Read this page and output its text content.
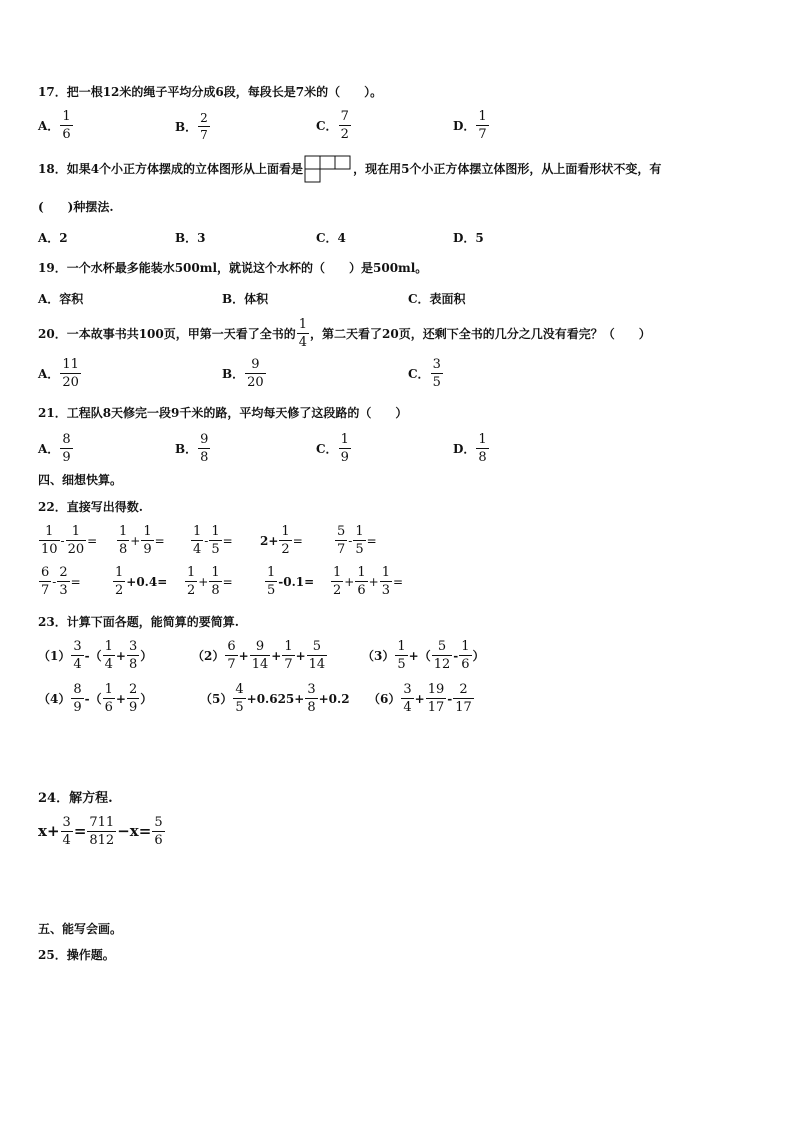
17．把一根12米的绳子平均分成6段，每段长是7米的（　　）。
A． $\frac{1}{6}$	B． $\frac{2}{7}$	C． $\frac{7}{2}$	D． $\frac{1}{7}$
18．如果4个小正方体摆成的立体图形从上面看是	，现在用5个小正方体摆立体图形，从上面看形状不变，有
(　　)种摆法.
A．2	B．3	C．4	D．5
19．一个水杯最多能装水500ml，就说这个水杯的（　　）是500ml。
A．容积	B．体积	C．表面积
20．一本故事书共100页，甲第一天看了全书的 $\frac{1}{4}$ ，第二天看了20页，还剩下全书的几分之几没有看完？（　　）
A． $\frac{11}{20}$	B． $\frac{9}{20}$	C． $\frac{3}{5}$
21．工程队8天修完一段9千米的路，平均每天修了这段路的（　　）
A． $\frac{8}{9}$	B． $\frac{9}{8}$	C． $\frac{1}{9}$	D． $\frac{1}{8}$
四、细想快算。
22．直接写出得数.
$\frac{1}{10} - \frac{1}{20} = \frac{1}{8} + \frac{1}{9} = \frac{1}{4} - \frac{1}{5} = 2+ \frac{1}{2} = \frac{5}{7} - \frac{1}{5}$ =
$\frac{6}{7} - \frac{2}{3} = \frac{1}{2} +0.4= \frac{1}{2} + \frac{1}{8} = \frac{1}{5} -0.1= \frac{1}{2} + \frac{1}{6} + \frac{1}{3}$ =
23．计算下面各题，能简算的要简算.
$(1) \frac{3}{4}$ - （ $\frac{1}{4} + \frac{3}{8}$ ）	$(2) \frac{6}{7} + \frac{9}{14} + \frac{1}{7} + \frac{5}{14}$	$(3) \frac{1}{5}$ + （ $\frac{5}{12} - \frac{1}{6}$ ）
$(4) \frac{8}{9}$ - （ $\frac{1}{6} + \frac{2}{9}$ ）	$(5) \frac{4}{5} +0.625+ \frac{3}{8} +0.2$ $(6) \frac{3}{4} + \frac{19}{17} - \frac{2}{17}$
24．解方程.
$x + \frac{3}{4} = \frac{711}{812} - x = \frac{5}{6}$
五、能写会画。
25．操作题。
